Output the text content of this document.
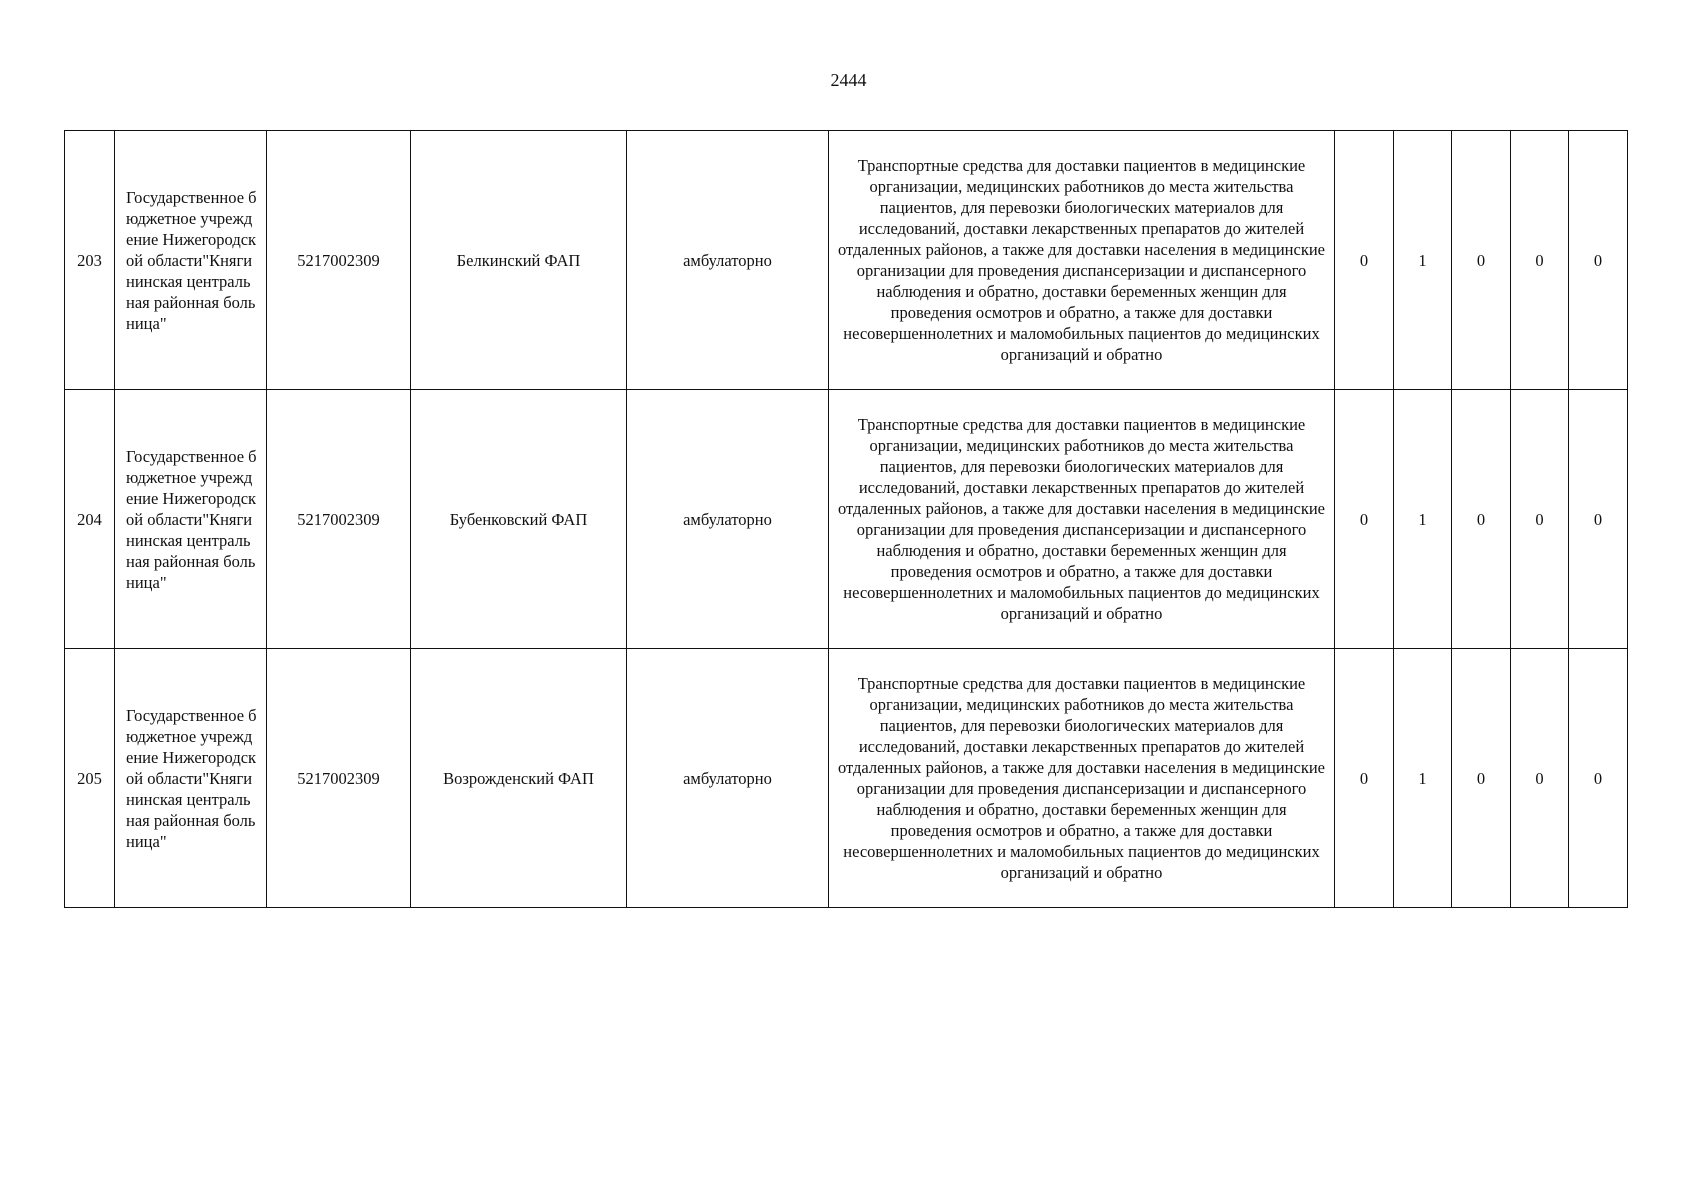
2444
203	Государственное бюджетное учреждение Нижегородской области"Княгининская центральная районная больница"	5217002309	Белкинский ФАП	амбулаторно	Транспортные средства для доставки пациентов в медицинские организации, медицинских работников до места жительства пациентов, для перевозки биологических материалов для исследований, доставки лекарственных препаратов до жителей отдаленных районов, а также для доставки населения в медицинские организации для проведения диспансеризации и диспансерного наблюдения и обратно, доставки беременных женщин для проведения осмотров и обратно, а также для доставки несовершеннолетних и маломобильных пациентов до медицинских организаций и обратно	0	1	0	0	0
204	Государственное бюджетное учреждение Нижегородской области"Княгининская центральная районная больница"	5217002309	Бубенковский ФАП	амбулаторно	Транспортные средства для доставки пациентов в медицинские организации, медицинских работников до места жительства пациентов, для перевозки биологических материалов для исследований, доставки лекарственных препаратов до жителей отдаленных районов, а также для доставки населения в медицинские организации для проведения диспансеризации и диспансерного наблюдения и обратно, доставки беременных женщин для проведения осмотров и обратно, а также для доставки несовершеннолетних и маломобильных пациентов до медицинских организаций и обратно	0	1	0	0	0
205	Государственное бюджетное учреждение Нижегородской области"Княгининская центральная районная больница"	5217002309	Возрожденский ФАП	амбулаторно	Транспортные средства для доставки пациентов в медицинские организации, медицинских работников до места жительства пациентов, для перевозки биологических материалов для исследований, доставки лекарственных препаратов до жителей отдаленных районов, а также для доставки населения в медицинские организации для проведения диспансеризации и диспансерного наблюдения и обратно, доставки беременных женщин для проведения осмотров и обратно, а также для доставки несовершеннолетних и маломобильных пациентов до медицинских организаций и обратно	0	1	0	0	0
